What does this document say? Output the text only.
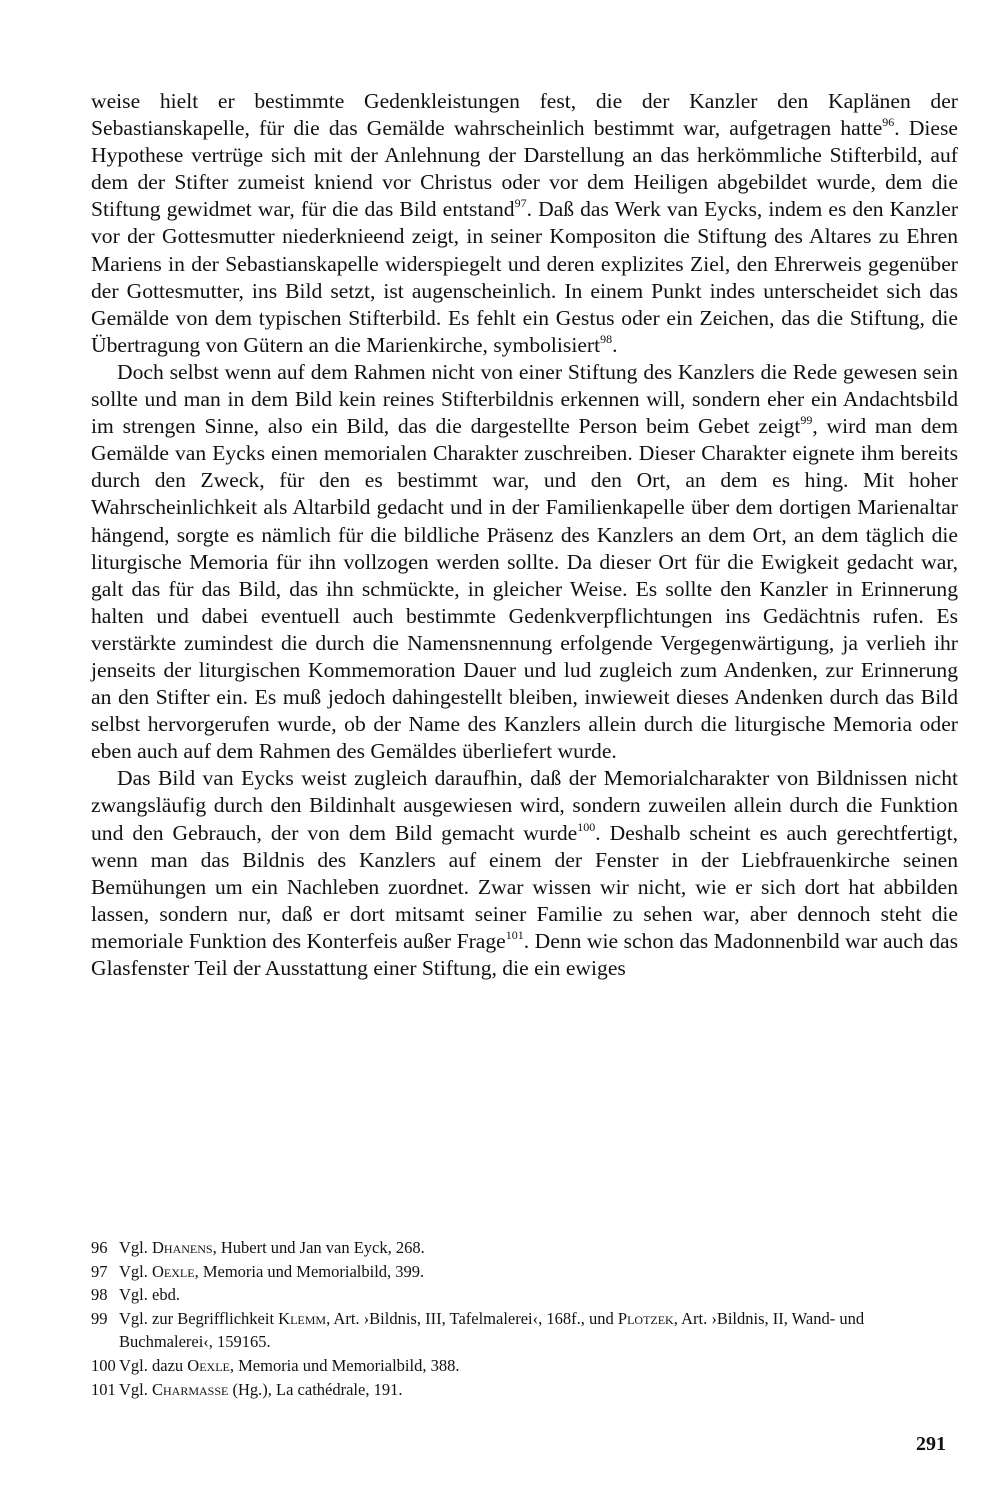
weise hielt er bestimmte Gedenkleistungen fest, die der Kanzler den Kaplänen der Sebastianskapelle, für die das Gemälde wahrscheinlich bestimmt war, aufgetragen hatte$^{96}$. Diese Hypothese vertrüge sich mit der Anlehnung der Darstellung an das herkömmliche Stifterbild, auf dem der Stifter zumeist kniend vor Christus oder vor dem Heiligen abgebildet wurde, dem die Stiftung gewidmet war, für die das Bild entstand$^{97}$. Daß das Werk van Eycks, indem es den Kanzler vor der Gottesmutter niederknieend zeigt, in seiner Kompositon die Stiftung des Altares zu Ehren Mariens in der Sebastianskapelle widerspiegelt und deren explizites Ziel, den Ehrerweis gegenüber der Gottesmutter, ins Bild setzt, ist augenscheinlich. In einem Punkt indes unterscheidet sich das Gemälde von dem typischen Stifterbild. Es fehlt ein Gestus oder ein Zeichen, das die Stiftung, die Übertragung von Gütern an die Marienkirche, symbolisiert$^{98}$.

Doch selbst wenn auf dem Rahmen nicht von einer Stiftung des Kanzlers die Rede gewesen sein sollte und man in dem Bild kein reines Stifterbildnis erkennen will, sondern eher ein Andachtsbild im strengen Sinne, also ein Bild, das die dargestellte Person beim Gebet zeigt$^{99}$, wird man dem Gemälde van Eycks einen memorialen Charakter zuschreiben. Dieser Charakter eignete ihm bereits durch den Zweck, für den es bestimmt war, und den Ort, an dem es hing. Mit hoher Wahrscheinlichkeit als Altarbild gedacht und in der Familienkapelle über dem dortigen Marienaltar hängend, sorgte es nämlich für die bildliche Präsenz des Kanzlers an dem Ort, an dem täglich die liturgische Memoria für ihn vollzogen werden sollte. Da dieser Ort für die Ewigkeit gedacht war, galt das für das Bild, das ihn schmückte, in gleicher Weise. Es sollte den Kanzler in Erinnerung halten und dabei eventuell auch bestimmte Gedenkverpflichtungen ins Gedächtnis rufen. Es verstärkte zumindest die durch die Namensnennung erfolgende Vergegenwärtigung, ja verlieh ihr jenseits der liturgischen Kommemoration Dauer und lud zugleich zum Andenken, zur Erinnerung an den Stifter ein. Es muß jedoch dahingestellt bleiben, inwieweit dieses Andenken durch das Bild selbst hervorgerufen wurde, ob der Name des Kanzlers allein durch die liturgische Memoria oder eben auch auf dem Rahmen des Gemäldes überliefert wurde.

Das Bild van Eycks weist zugleich daraufhin, daß der Memorialcharakter von Bildnissen nicht zwangsläufig durch den Bildinhalt ausgewiesen wird, sondern zuweilen allein durch die Funktion und den Gebrauch, der von dem Bild gemacht wurde$^{100}$. Deshalb scheint es auch gerechtfertigt, wenn man das Bildnis des Kanzlers auf einem der Fenster in der Liebfrauenkirche seinen Bemühungen um ein Nachleben zuordnet. Zwar wissen wir nicht, wie er sich dort hat abbilden lassen, sondern nur, daß er dort mitsamt seiner Familie zu sehen war, aber dennoch steht die memoriale Funktion des Konterfeis außer Frage$^{101}$. Denn wie schon das Madonnenbild war auch das Glasfenster Teil der Ausstattung einer Stiftung, die ein ewiges

96 Vgl. Dhanens, Hubert und Jan van Eyck, 268.
97 Vgl. Oexle, Memoria und Memorialbild, 399.
98 Vgl. ebd.
99 Vgl. zur Begrifflichkeit Klemm, Art. ›Bildnis, III, Tafelmalerei‹, 168f., und Plotzek, Art. ›Bildnis, II, Wand- und Buchmalerei‹, 159165.
100 Vgl. dazu Oexle, Memoria und Memorialbild, 388.
101 Vgl. Charmasse (Hg.), La cathédrale, 191.
291
